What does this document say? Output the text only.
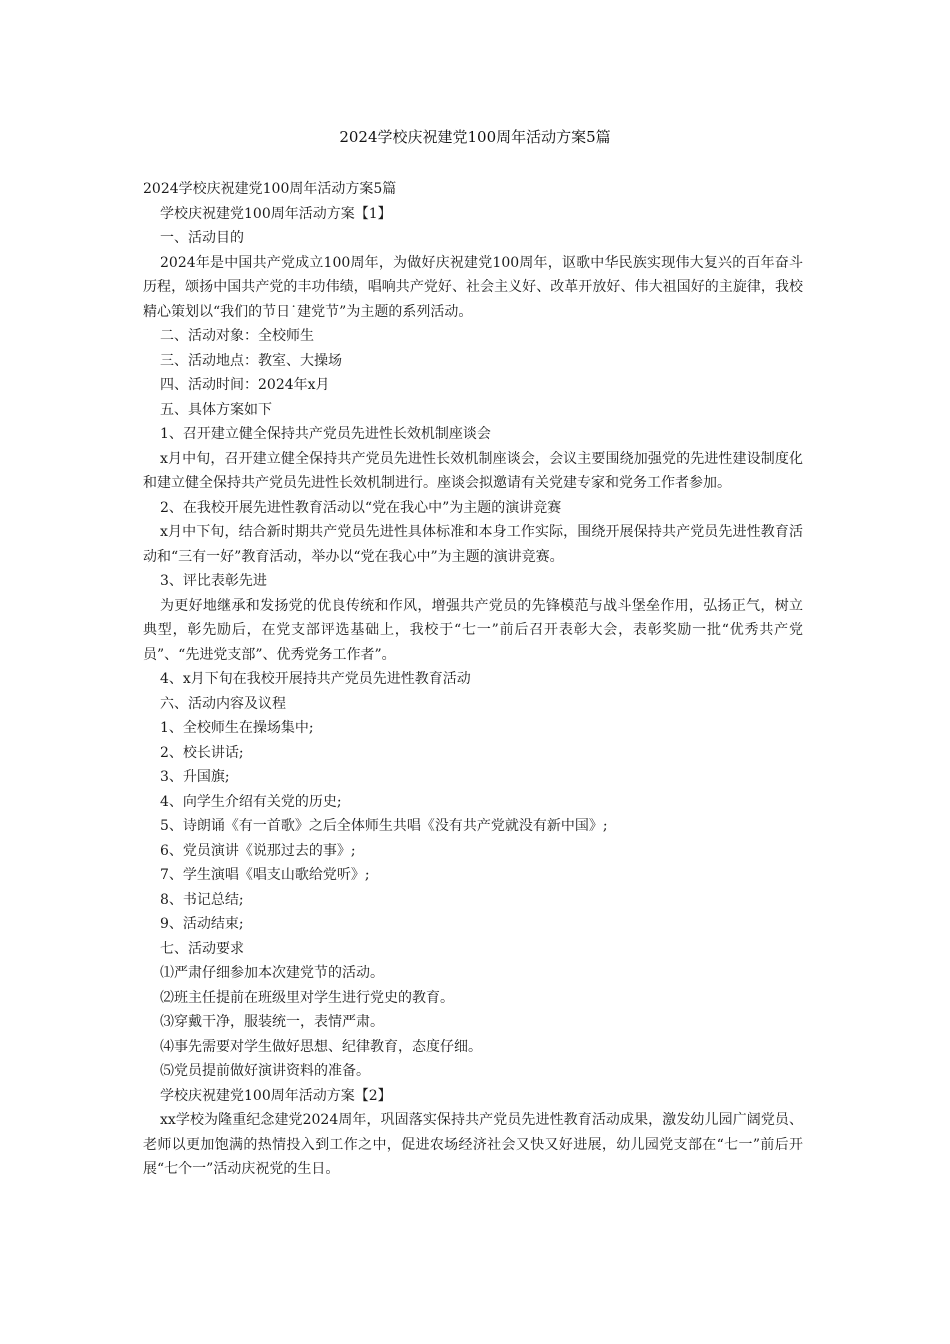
2024学校庆祝建党100周年活动方案5篇
2024学校庆祝建党100周年活动方案5篇
学校庆祝建党100周年活动方案【1】
一、活动目的
2024年是中国共产党成立100周年，为做好庆祝建党100周年，讴歌中华民族实现伟大复兴的百年奋斗历程，颂扬中国共产党的丰功伟绩，唱响共产党好、社会主义好、改革开放好、伟大祖国好的主旋律，我校精心策划以“我们的节日˙建党节”为主题的系列活动。
二、活动对象：全校师生
三、活动地点：教室、大操场
四、活动时间：2024年x月
五、具体方案如下
1、召开建立健全保持共产党员先进性长效机制座谈会
x月中旬，召开建立健全保持共产党员先进性长效机制座谈会，会议主要围绕加强党的先进性建设制度化和建立健全保持共产党员先进性长效机制进行。座谈会拟邀请有关党建专家和党务工作者参加。
2、在我校开展先进性教育活动以“党在我心中”为主题的演讲竞赛
x月中下旬，结合新时期共产党员先进性具体标准和本身工作实际，围绕开展保持共产党员先进性教育活动和“三有一好”教育活动，举办以“党在我心中”为主题的演讲竞赛。
3、评比表彰先进
为更好地继承和发扬党的优良传统和作风，增强共产党员的先锋模范与战斗堡垒作用，弘扬正气，树立典型，彰先励后，在党支部评选基础上，我校于“七一”前后召开表彰大会，表彰奖励一批“优秀共产党员”、“先进党支部”、优秀党务工作者”。
4、x月下旬在我校开展持共产党员先进性教育活动
六、活动内容及议程
1、全校师生在操场集中;
2、校长讲话;
3、升国旗;
4、向学生介绍有关党的历史;
5、诗朗诵《有一首歌》之后全体师生共唱《没有共产党就没有新中国》;
6、党员演讲《说那过去的事》;
7、学生演唱《唱支山歌给党听》;
8、书记总结;
9、活动结束;
七、活动要求
⑴严肃仔细参加本次建党节的活动。
⑵班主任提前在班级里对学生进行党史的教育。
⑶穿戴干净，服装统一，表情严肃。
⑷事先需要对学生做好思想、纪律教育，态度仔细。
⑸党员提前做好演讲资料的准备。
学校庆祝建党100周年活动方案【2】
xx学校为隆重纪念建党2024周年，巩固落实保持共产党员先进性教育活动成果，激发幼儿园广阔党员、老师以更加饱满的热情投入到工作之中，促进农场经济社会又快又好进展，幼儿园党支部在“七一”前后开展“七个一”活动庆祝党的生日。
